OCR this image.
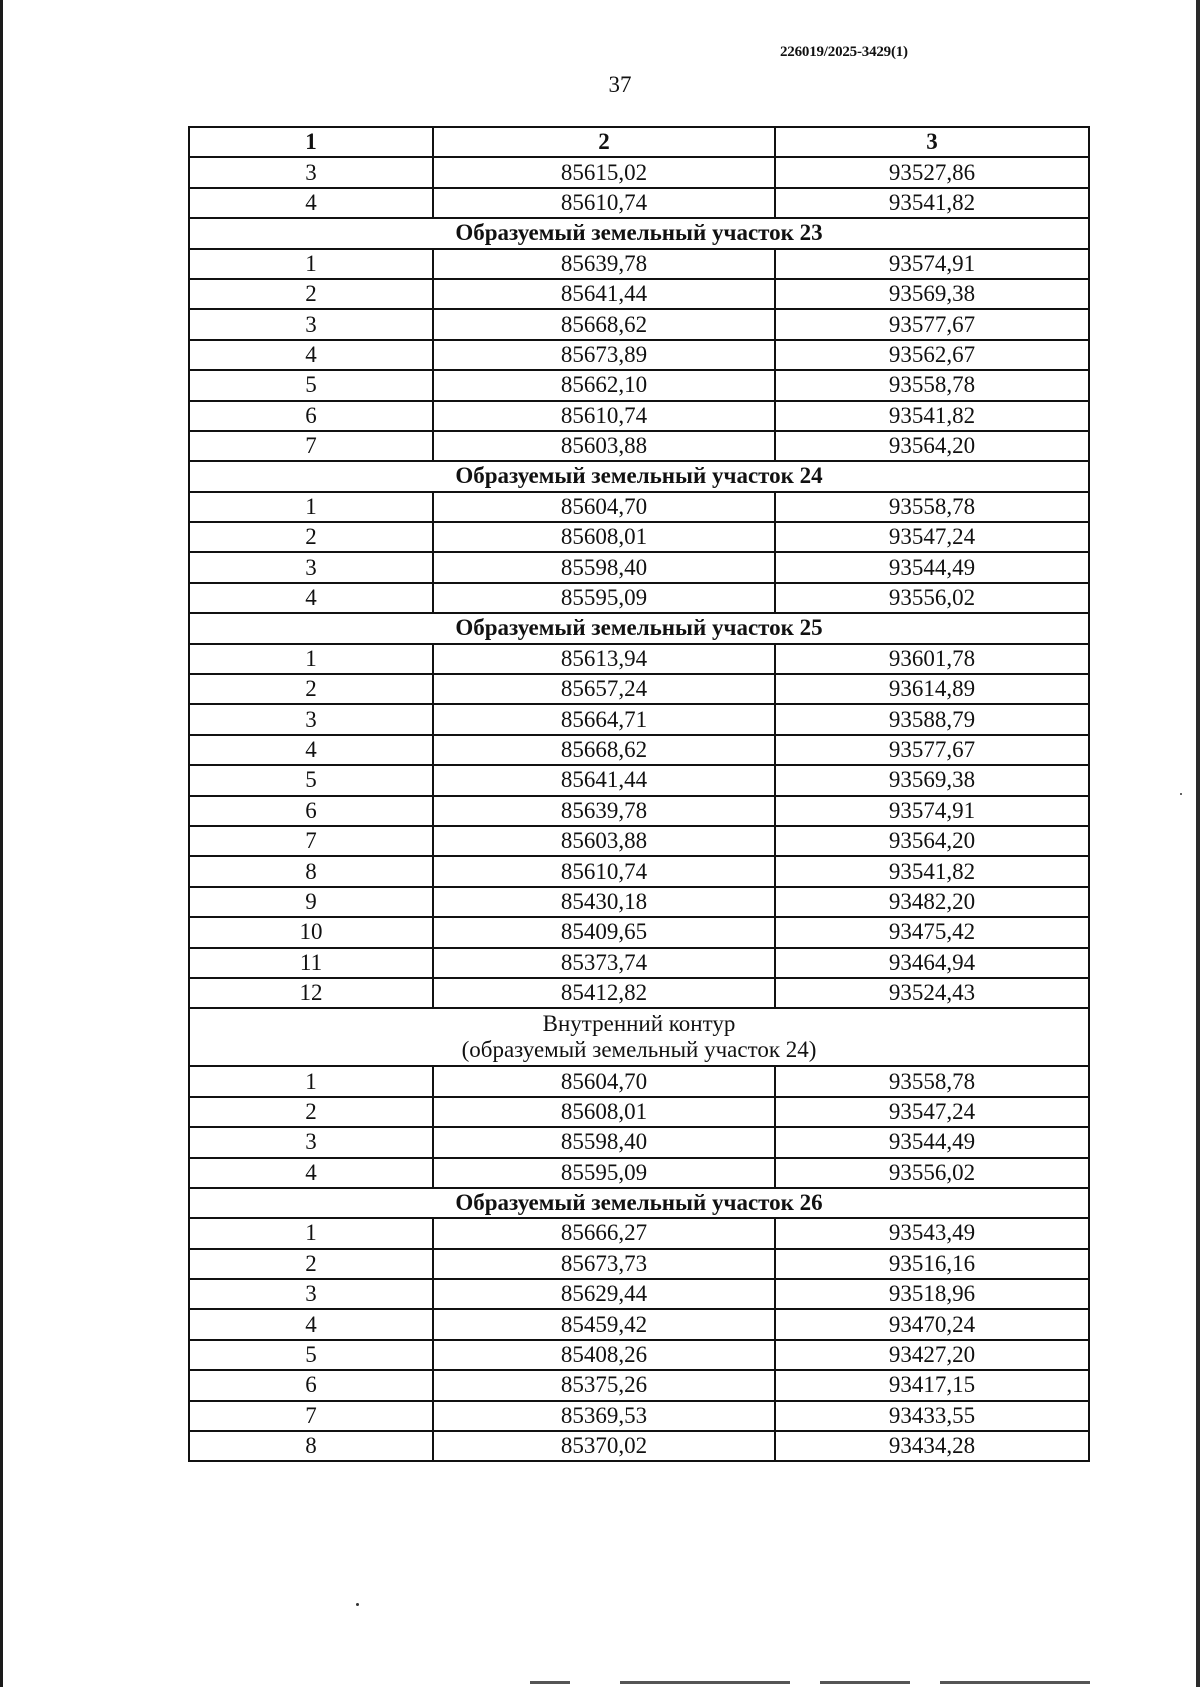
226019/2025-3429(1)
37
1	2	3
3	85615,02	93527,86
4	85610,74	93541,82

Образуемый земельный участок 23		

1	85639,78	93574,91
2	85641,44	93569,38
3	85668,62	93577,67
4	85673,89	93562,67
5	85662,10	93558,78
6	85610,74	93541,82
7	85603,88	93564,20

Образуемый земельный участок 24		

1	85604,70	93558,78
2	85608,01	93547,24
3	85598,40	93544,49
4	85595,09	93556,02

Образуемый земельный участок 25		

1	85613,94	93601,78
2	85657,24	93614,89
3	85664,71	93588,79
4	85668,62	93577,67
5	85641,44	93569,38
6	85639,78	93574,91
7	85603,88	93564,20
8	85610,74	93541,82
9	85430,18	93482,20
10	85409,65	93475,42
11	85373,74	93464,94
12	85412,82	93524,43

Внутренний контур
(образуемый земельный участок 24)		

1	85604,70	93558,78
2	85608,01	93547,24
3	85598,40	93544,49
4	85595,09	93556,02

Образуемый земельный участок 26		

1	85666,27	93543,49
2	85673,73	93516,16
3	85629,44	93518,96
4	85459,42	93470,24
5	85408,26	93427,20
6	85375,26	93417,15
7	85369,53	93433,55
8	85370,02	93434,28
